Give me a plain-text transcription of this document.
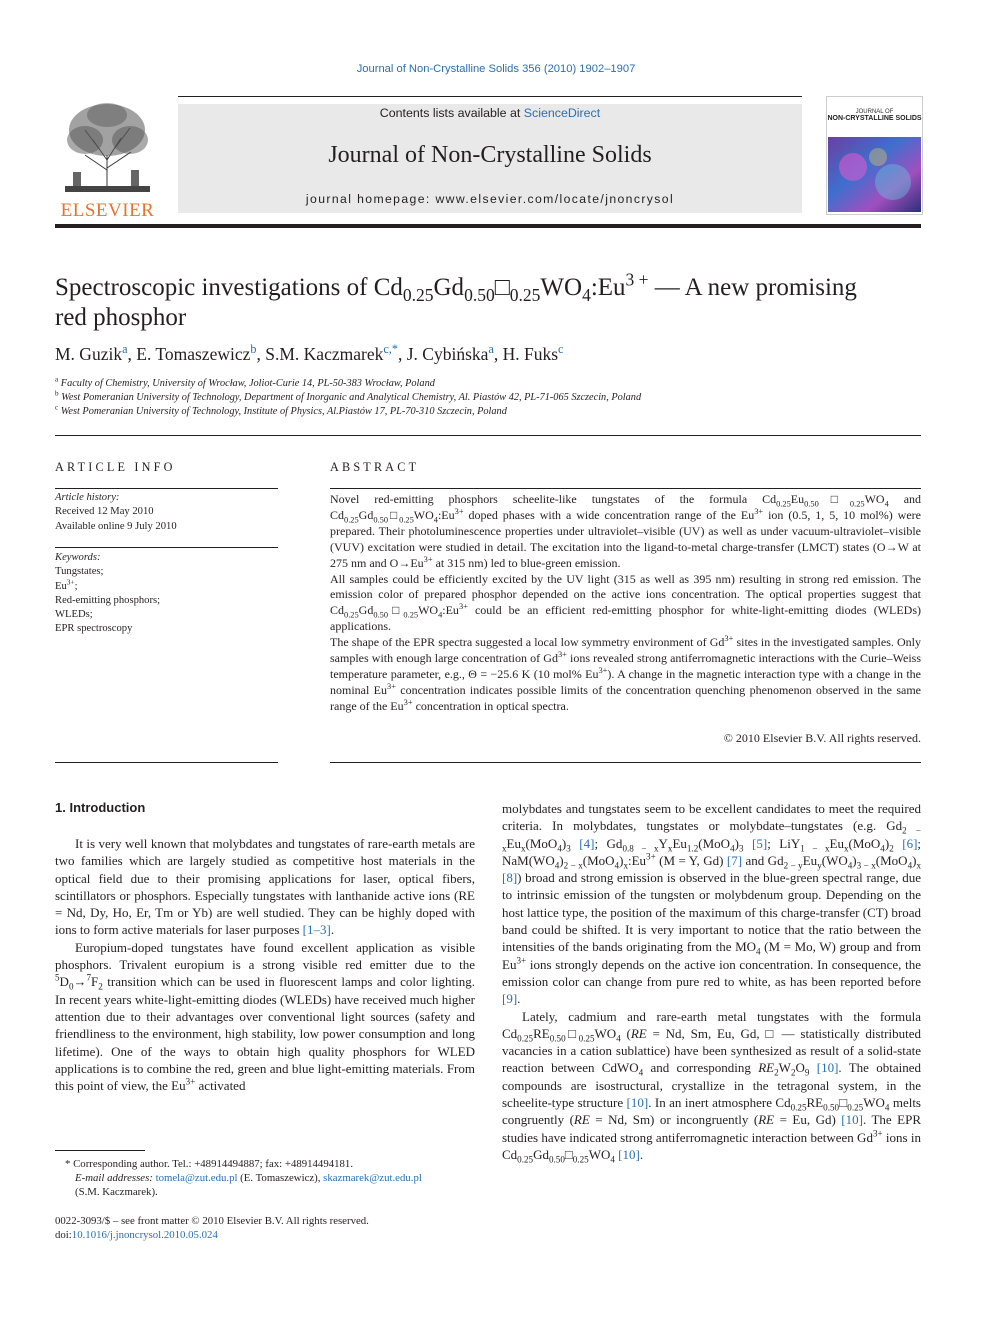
Journal of Non-Crystalline Solids 356 (2010) 1902–1907
ELSEVIER
Contents lists available at ScienceDirect
Journal of Non-Crystalline Solids
journal homepage: www.elsevier.com/locate/jnoncrysol
JOURNAL OF
NON-CRYSTALLINE SOLIDS
Spectroscopic investigations of $Cd_{0.25}Gd_{0.50}□_{0.25}WO_4:Eu^{3 +}$ — A new promising
red phosphor
M. Guzik$^a$, E. Tomaszewicz$^b$, S.M. Kaczmarek$^{c,*}$, J. Cybińska$^a$, H. Fuks$^c$
$^a$ Faculty of Chemistry, University of Wrocław, Joliot-Curie 14, PL-50-383 Wrocław, Poland
$^b$ West Pomeranian University of Technology, Department of Inorganic and Analytical Chemistry, Al. Piastów 42, PL-71-065 Szczecin, Poland
$^c$ West Pomeranian University of Technology, Institute of Physics, Al.Piastów 17, PL-70-310 Szczecin, Poland
ARTICLE INFO
Article history:
Received 12 May 2010
Available online 9 July 2010
Keywords:
Tungstates;
$Eu^{3+}$;
Red-emitting phosphors;
WLEDs;
EPR spectroscopy
ABSTRACT

Novel red-emitting phosphors scheelite-like tungstates of the formula $Cd_{0.25}Eu_{0.50}□_{0.25}WO_4$ and $Cd_{0.25}Gd_{0.50}□_{0.25}WO_4:Eu^{3+}$ doped phases with a wide concentration range of the $Eu^{3+}$ ion (0.5, 1, 5, 10 mol%) were prepared. Their photoluminescence properties under ultraviolet–visible (UV) as well as under vacuum-ultraviolet–visible (VUV) excitation were studied in detail. The excitation into the ligand-to-metal charge-transfer (LMCT) states (O→W at 275 nm and $O\to Eu^{3+}$ at 315 nm) led to blue-green emission.

All samples could be efficiently excited by the UV light (315 as well as 395 nm) resulting in strong red emission. The emission color of prepared phosphor depended on the active ions concentration. The optical properties suggest that $Cd_{0.25}Gd_{0.50}□_{0.25}WO_4:Eu^{3+}$ could be an efficient red-emitting phosphor for white-light-emitting diodes (WLEDs) applications.

The shape of the EPR spectra suggested a local low symmetry environment of $Gd^{3+}$ sites in the investigated samples. Only samples with enough large concentration of $Gd^{3+}$ ions revealed strong antiferromagnetic interactions with the Curie–Weiss temperature parameter, e.g., Θ = −25.6 K (10 mol% $Eu^{3+}$). A change in the magnetic interaction type with a change in the nominal $Eu^{3+}$ concentration indicates possible limits of the concentration quenching phenomenon observed in the same range of the $Eu^{3+}$ concentration in optical spectra.

© 2010 Elsevier B.V. All rights reserved.
1. Introduction

It is very well known that molybdates and tungstates of rare-earth metals are two families which are largely studied as competitive host materials in the optical field due to their promising applications for laser, optical fibers, scintillators or phosphors. Especially tungstates with lanthanide active ions (RE = Nd, Dy, Ho, Er, Tm or Yb) are well studied. They can be highly doped with ions to form active materials for laser purposes [1–3].

Europium-doped tungstates have found excellent application as visible phosphors. Trivalent europium is a strong visible red emitter due to the $^5D_0\to^7F_2$ transition which can be used in fluorescent lamps and color lighting. In recent years white-light-emitting diodes (WLEDs) have received much higher attention due to their advantages over conventional light sources (safety and friendliness to the environment, high stability, low power consumption and long lifetime). One of the ways to obtain high quality phosphors for WLED applications is to combine the red, green and blue light-emitting materials. From this point of view, the $Eu^{3+}$ activated

* Corresponding author. Tel.: +48914494887; fax: +48914494181.
E-mail addresses: tomela@zut.edu.pl (E. Tomaszewicz), skazmarek@zut.edu.pl
(S.M. Kaczmarek).
0022-3093/$ – see front matter © 2010 Elsevier B.V. All rights reserved.
doi:10.1016/j.jnoncrysol.2010.05.024

molybdates and tungstates seem to be excellent candidates to meet the required criteria. In molybdates, tungstates or molybdate–tungstates (e.g. $Gd_{2 - x}Eu_x(MoO_4)_3$ [4]; $Gd_{0.8 - x}Y_xEu_{1.2}(MoO_4)_3$ [5]; $LiY_{1 - x}Eu_x(MoO_4)_2$ [6]; $NaM(WO_4)_{2 - x}(MoO_4)_x:Eu^{3+}$ (M = Y, Gd) [7] and $Gd_{2 - y}Eu_y(WO_4)_{3 - x}(MoO_4)_x$ [8]) broad and strong emission is observed in the blue-green spectral range, due to intrinsic emission of the tungsten or molybdenum group. Depending on the host lattice type, the position of the maximum of this charge-transfer (CT) broad band could be shifted. It is very important to notice that the ratio between the intensities of the bands originating from the $MO_4$ (M = Mo, W) group and from $Eu^{3+}$ ions strongly depends on the active ion concentration. In consequence, the emission color can change from pure red to white, as has been reported before [9].

Lately, cadmium and rare-earth metal tungstates with the formula $Cd_{0.25}RE_{0.50}□_{0.25}WO_4$ (RE = Nd, Sm, Eu, Gd, □ — statistically distributed vacancies in a cation sublattice) have been synthesized as result of a solid-state reaction between CdWO$_4$ and corresponding $RE_2W_2O_9$ [10]. The obtained compounds are isostructural, crystallize in the tetragonal system, in the scheelite-type structure [10]. In an inert atmosphere $Cd_{0.25}RE_{0.50}□_{0.25}WO_4$ melts congruently (RE = Nd, Sm) or incongruently (RE = Eu, Gd) [10]. The EPR studies have indicated strong antiferromagnetic interaction between $Gd^{3+}$ ions in $Cd_{0.25}Gd_{0.50}□_{0.25}WO_4$ [10].
